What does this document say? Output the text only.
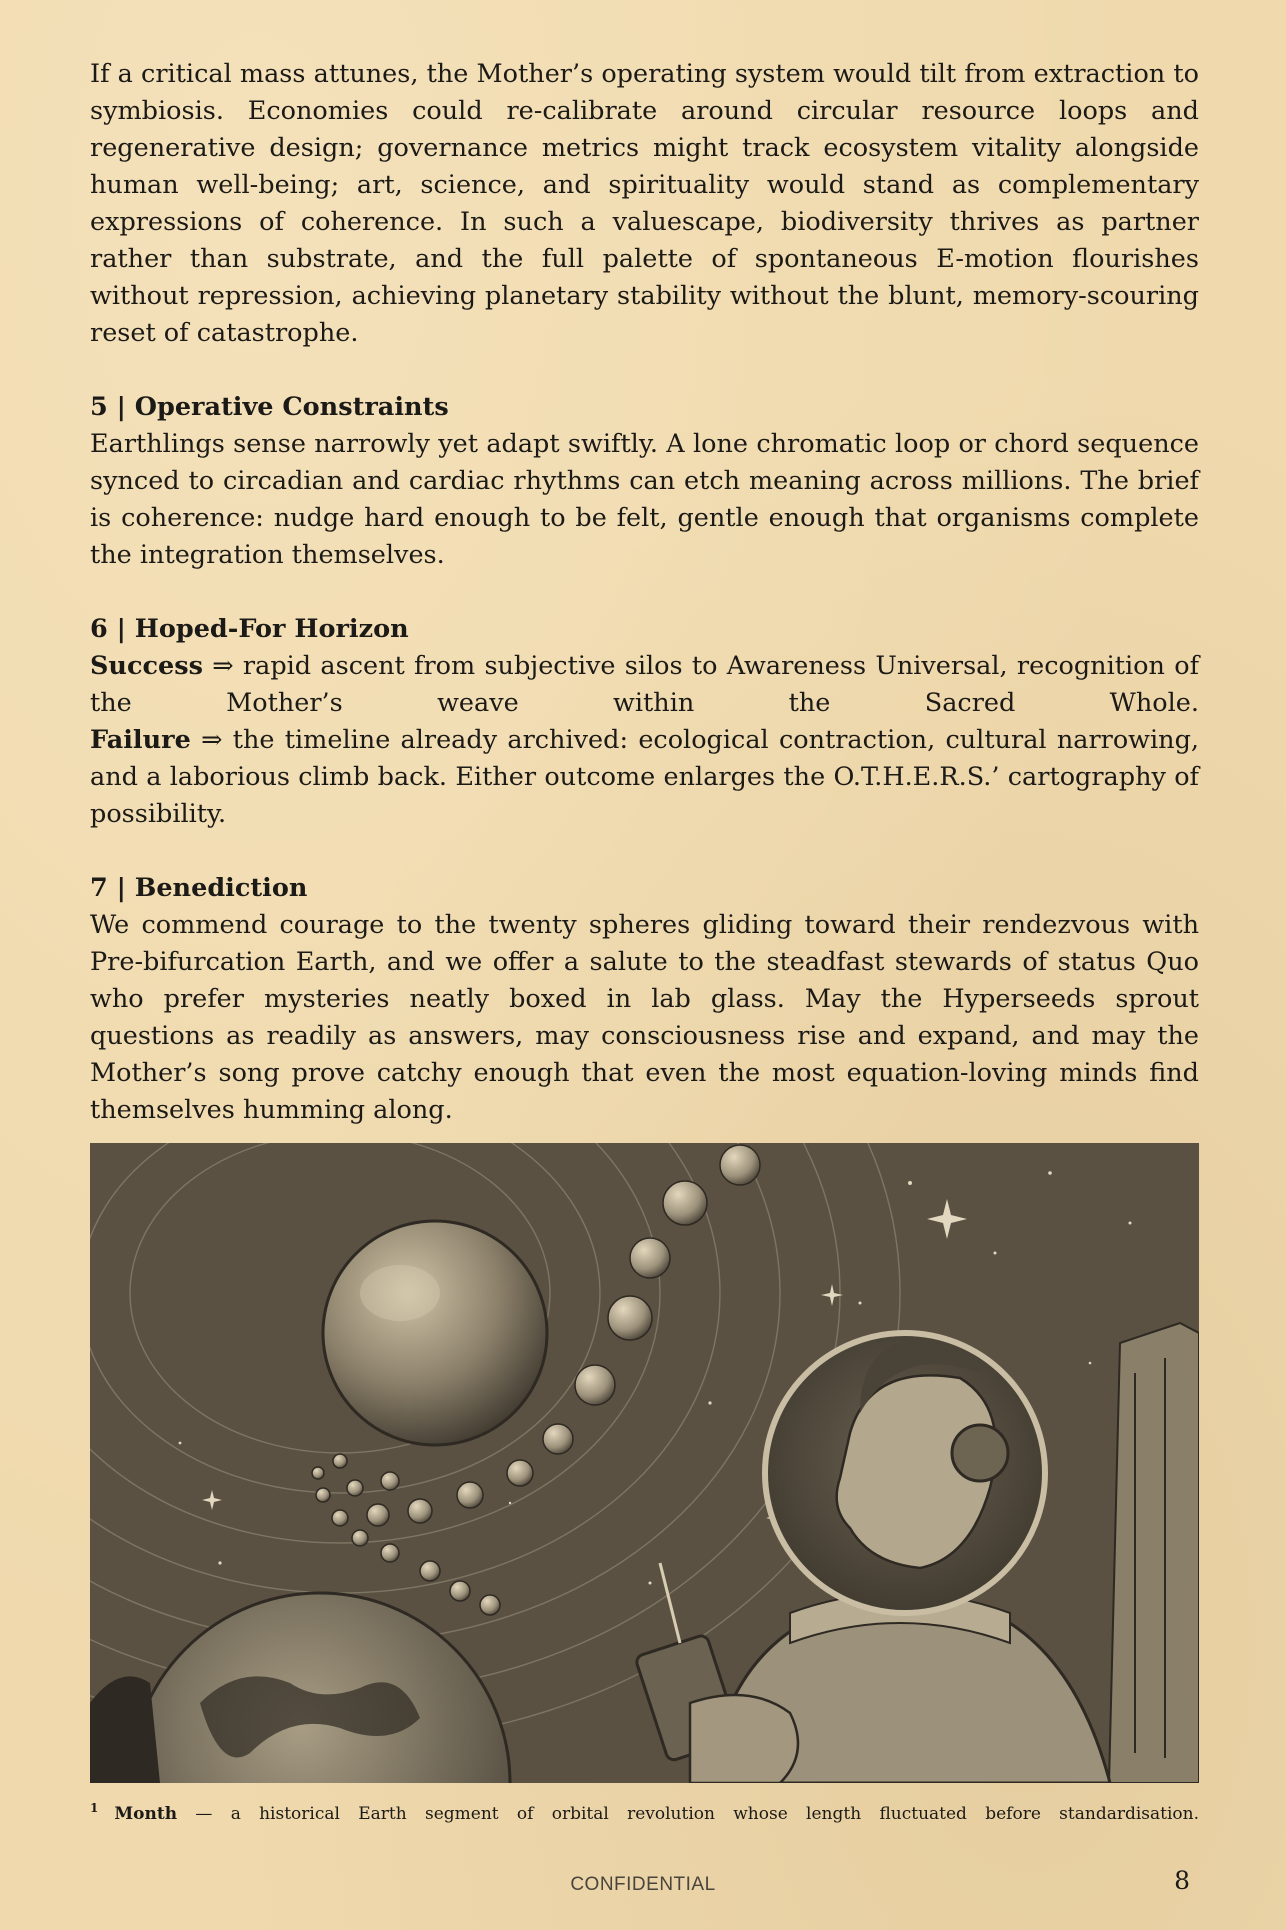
If a critical mass attunes, the Mother’s operating system would tilt from extraction to symbiosis. Economies could re-calibrate around circular resource loops and regenerative design; governance metrics might track ecosystem vitality alongside human well-being; art, science, and spirituality would stand as complementary expressions of coherence. In such a valuescape, biodiversity thrives as partner rather than substrate, and the full palette of spontaneous E-motion flourishes without repression, achieving planetary stability without the blunt, memory-scouring reset of catastrophe.

5 | Operative Constraints

Earthlings sense narrowly yet adapt swiftly. A lone chromatic loop or chord sequence synced to circadian and cardiac rhythms can etch meaning across millions. The brief is coherence: nudge hard enough to be felt, gentle enough that organisms complete the integration themselves.

6 | Hoped-For Horizon

Success ⇒ rapid ascent from subjective silos to Awareness Universal, recognition of the Mother’s weave within the Sacred Whole.

Failure ⇒ the timeline already archived: ecological contraction, cultural narrowing, and a laborious climb back. Either outcome enlarges the O.T.H.E.R.S.’ cartography of possibility.

7 | Benediction

We commend courage to the twenty spheres gliding toward their rendezvous with Pre-bifurcation Earth, and we offer a salute to the steadfast stewards of status Quo who prefer mysteries neatly boxed in lab glass. May the Hyperseeds sprout questions as readily as answers, may consciousness rise and expand, and may the Mother’s song prove catchy enough that even the most equation-loving minds find themselves humming along.

$^1$ Month — a historical Earth segment of orbital revolution whose length fluctuated before standardisation.
CONFIDENTIAL	8
